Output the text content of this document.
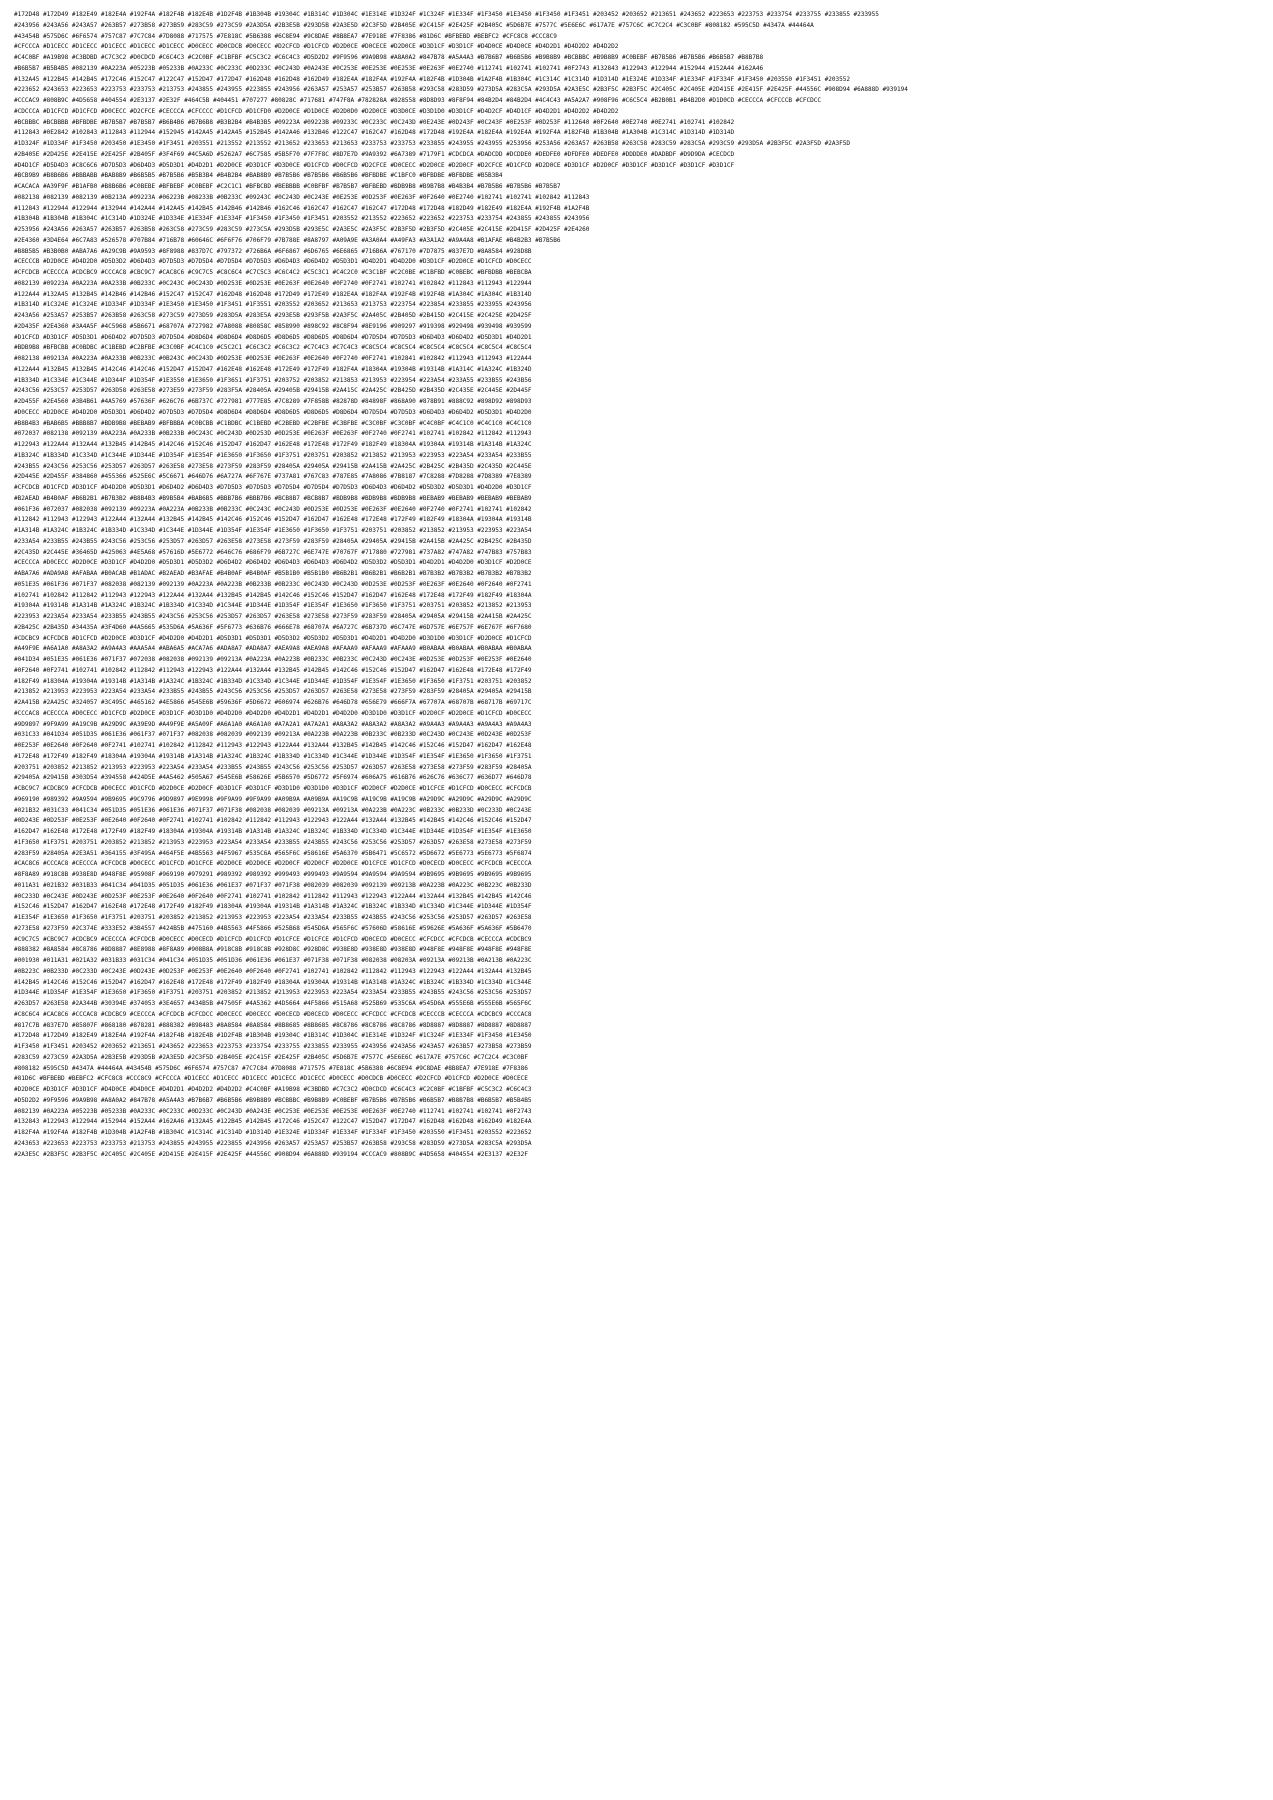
#172D48 #172D49 #182E49 #182E4A #192F4A #182F4B #182E4B #1D2F4B #1B304B #19304C #1B314C #1D304C #1E314E #1D324F #1C324F #1E334F #1F3450 #1E3450 #1F3450 #1F3451 #203452 #203652 #213651 #243652 #223653 #223753 #233754 #233755 #233855 #233955
#243956 #243A56 #243A57 #263B57 #273B58 #273B59 #283C59 #273C59 #2A3D5A #2B3E5B #293D5B #2A3E5D #2C3F5D #2B405E #2C415F #2E425F #2B405C #5D6B7E #7577C #5E6E6C #617A7E #757C6C #C7C2C4 #C3C0BF #808182 #595C5D #4347A #44464A
#43454B #575D6C #6F6574 #757C87 #7C7C84 #7D8088 #717575 #7E818C #5B6388 #6C8E94 #9C8DAE #8B8EA7 #7E918E #7F8386 #81D6C #BFBEBD #BEBFC2 #CFC8C8 #CCC8C9
#CFCCCA #D1CECC #D1CECC #D1CECC #D1CECC #D1CECC #D0CECC #D0CDCB #D0CECC #D2CFCD #D1CFCD #D2D0CE #D0CECE #D2D0CE #D3D1CF #D3D1CF #D4D0CE #D4D0CE #D4D2D1 #D4D2D2 #D4D2D2
#C4C0BF #A19B98 #C3BDBD #C7C3C2 #D0CDCD #C6C4C3 #C2C0BF #C1BFBF #C5C3C2 #C6C4C3 #D5D2D2 #9F9596 #9A9B98 #A8A0A2 #847B78 #A5A4A3 #B7B6B7 #B6B5B6 #B9B8B9 #BCBBBC #B9B8B9 #C0BEBF #B7B5B6 #B7B5B6 #B6B5B7 #B8B7B8
#B6B5B7 #B5B4B5 #082139 #0A223A #05223B #05233B #0A233C #0C233C #0D233C #0C243D #0A243E #0C253E #0E253E #0E253E #0E263F #0E2740 #112741 #102741 #102741 #0F2743 #132843 #122943 #122944 #152944 #152A44 #162A46
#132A45 #122B45 #142B45 #172C46 #152C47 #122C47 #152D47 #172D47 #162D48 #162D48 #162D49 #182E4A #182F4A #192F4A #182F4B #1D304B #1A2F4B #1B304C #1C314C #1C314D #1D314D #1E324E #1D334F #1E334F #1F334F #1F3450 #203550 #1F3451 #203552
#223652 #243653 #223653 #223753 #233753 #213753 #243855 #243955 #223855 #243956 #263A57 #253A57 #253B57 #263B58 #293C58 #283D59 #273D5A #283C5A #293D5A #2A3E5C #2B3F5C #2B3F5C #2C405C #2C405E #2D415E #2E415F #2E425F #44556C #908D94 #6A888D #939194
#CCCAC9 #808B9C #4D5658 #404554 #2E3137 #2E32F #464C5B #404451 #707277 #80828C #717681 #747F8A #782828A #828558 #8D8D93 #8F8F94 #84B2D4 #84B2D4 #4C4C43 #A5A2A7 #908F96 #C6C5C4 #B2B0B1 #B4B2D0 #D1D0CD #CECCCA #CFCCCB #CFCDCC
#CDCCCA #D1CFCD #D1CFCD #D0CECC #D2CFCE #CECCCA #CFCCCC #D1CFCD #D1CFD0 #D2D0CE #D1D0CE #D2D0D0 #D2D0CE #D3D0CE #D3D1D0 #D3D1CF #D4D2CF #D4D1CF #D4D2D1 #D4D2D2 #D4D2D2
#BCBBBC #BCBBBB #BFBDBE #B7B5B7 #B7B5B7 #B6B4B6 #B7B6B8 #B3B2B4 #B4B3B5 #09223A #09223B #09233C #0C233C #0C243D #0E243E #0D243F #0C243F #0E253F #0D253F #112640 #0F2640 #0E2740 #0E2741 #102741 #102842
#112843 #0E2842 #102843 #112843 #112944 #152945 #142A45 #142A45 #152B45 #142A46 #132B46 #122C47 #162C47 #162D48 #172D48 #192E4A #182E4A #192E4A #192F4A #182F4B #1B304B #1A304B #1C314C #1D314D #1D314D
#1D324F #1D334F #1F3450 #203450 #1E3450 #1F3451 #203551 #213552 #213552 #213652 #233653 #213653 #233753 #233753 #233855 #243955 #243955 #253956 #253A56 #263A57 #263B58 #263C58 #283C59 #283C5A #293C59 #293D5A #2B3F5C #2A3F5D #2A3F5D
#2B405E #2D425E #2E415E #2E425F #2B405F #3F4F69 #4C5A6D #5262A7 #6C7585 #5B5F70 #7F7F8C #8D7E7D #9A9392 #6A7389 #7179F1 #CDCDCA #DADCDD #DCDDE0 #DEDFE0 #DFDFE0 #DEDFE0 #DDDDE0 #DADBDF #D9D9DA #CECDCD
#D4D1CF #D5D4D3 #C8C6C6 #D7D5D3 #D6D4D3 #D5D3D1 #D4D2D1 #D2D0CE #D3D1CF #D3D0CE #D1CFCD #D0CFCD #D2CFCE #D0CECC #D2D0CE #D2D0CF #D2CFCE #D1CFCD #D2D0CE #D3D1CF #D2D0CF #D3D1CF #D3D1CF #D3D1CF #D3D1CF
#BCB9B9 #B8B6B6 #BBBABB #BAB8B9 #B6B5B5 #B7B5B6 #B5B3B4 #B4B2B4 #BAB8B9 #B7B5B6 #B7B5B6 #B6B5B6 #BFBDBE #C1BFC0 #BFBDBE #BFBDBE #B5B3B4
#CACACA #A39F9F #B1AFB0 #B8B6B6 #C0BEBE #BFBEBF #C0BEBF #C2C1C1 #BFBCBD #BEBBBB #C0BFBF #B7B5B7 #BFBEBD #BDB9B8 #B9B7B8 #B4B3B4 #B7B5B6 #B7B5B6 #B7B5B7
#082138 #082139 #082139 #0B213A #09223A #06223B #08233B #0B233C #09243C #0C243D #0C243E #0E253E #0D253F #0E263F #0F2640 #0E2740 #102741 #102741 #102842 #112843
#112843 #122944 #122944 #132944 #142A44 #142A45 #142B45 #142B46 #142B46 #162C46 #162C47 #162C47 #162C47 #172D48 #172D48 #182D49 #182E49 #182E4A #192F4B #1A2F4B
#1B304B #1B304B #1B304C #1C314D #1D324E #1D334E #1E334F #1E334F #1F3450 #1F3450 #1F3451 #203552 #213552 #223652 #223652 #223753 #233754 #243855 #243855 #243956
#253956 #243A56 #263A57 #263B57 #263B58 #263C58 #273C59 #283C59 #273C5A #293D5B #293E5C #2A3E5C #2A3F5C #2B3F5D #2B3F5D #2C405E #2C415E #2D415F #2D425F #2E4260
#2E4360 #3D4E64 #6C7A83 #526578 #707B84 #716B78 #60646C #6F6F76 #706F79 #7B788E #8A8797 #A09A9E #A3A0A4 #A49FA3 #A3A1A2 #A9A4A8 #B1AFAE #B4B2B3 #B7B5B6
#B8B5B5 #B3B0B0 #ABA7A6 #A29C9B #9A9593 #8F8988 #837D7C #797372 #726B6A #6F6867 #6D6765 #6E6865 #716B6A #767170 #7D7875 #837E7D #8A8584 #928D8B
#CECCCB #D2D0CE #D4D2D0 #D5D3D2 #D6D4D3 #D7D5D3 #D7D5D4 #D7D5D4 #D7D5D3 #D6D4D3 #D6D4D2 #D5D3D1 #D4D2D1 #D4D2D0 #D3D1CF #D2D0CE #D1CFCD #D0CECC
#CFCDCB #CECCCA #CDCBC9 #CCCAC8 #CBC9C7 #CAC8C6 #C9C7C5 #C8C6C4 #C7C5C3 #C6C4C2 #C5C3C1 #C4C2C0 #C3C1BF #C2C0BE #C1BFBD #C0BEBC #BFBDBB #BEBCBA
#082139 #09223A #0A223A #0A233B #0B233C #0C243C #0C243D #0D253E #0D253E #0E263F #0E2640 #0F2740 #0F2741 #102741 #102842 #112843 #112943 #122944
#122A44 #132A45 #132B45 #142B46 #142B46 #152C47 #152C47 #162D48 #162D48 #172D49 #172E49 #182E4A #182F4A #192F4B #192F4B #1A304C #1A304C #1B314D
#1B314D #1C324E #1C324E #1D334F #1D334F #1E3450 #1E3450 #1F3451 #1F3551 #203552 #203652 #213653 #213753 #223754 #223854 #233855 #233955 #243956
#243A56 #253A57 #253B57 #263B58 #263C58 #273C59 #273D59 #283D5A #283E5A #293E5B #293F5B #2A3F5C #2A405C #2B405D #2B415D #2C415E #2C425E #2D425F
#2D435F #2E4360 #3A4A5F #4C5968 #5B6671 #68707A #727982 #7A8088 #80858C #858990 #898C92 #8C8F94 #8E9196 #909297 #919398 #929498 #939498 #939599
#D1CFCD #D3D1CF #D5D3D1 #D6D4D2 #D7D5D3 #D7D5D4 #D8D6D4 #D8D6D4 #D8D6D5 #D8D6D5 #D8D6D5 #D8D6D4 #D7D5D4 #D7D5D3 #D6D4D3 #D6D4D2 #D5D3D1 #D4D2D1
#BDB9B8 #BFBCBB #C0BDBC #C1BEBD #C2BFBE #C3C0BF #C4C1C0 #C5C2C1 #C6C3C2 #C6C3C2 #C7C4C3 #C7C4C3 #C8C5C4 #C8C5C4 #C8C5C4 #C8C5C4 #C8C5C4 #C8C5C4
#082138 #09213A #0A223A #0A233B #0B233C #0B243C #0C243D #0D253E #0D253E #0E263F #0E2640 #0F2740 #0F2741 #102841 #102842 #112943 #112943 #122A44
#122A44 #132B45 #132B45 #142C46 #142C46 #152D47 #152D47 #162E48 #162E48 #172E49 #172F49 #182F4A #18304A #19304B #19314B #1A314C #1A324C #1B324D
#1B334D #1C334E #1C344E #1D344F #1D354F #1E3550 #1E3650 #1F3651 #1F3751 #203752 #203852 #213853 #213953 #223954 #223A54 #233A55 #233B55 #243B56
#243C56 #253C57 #253D57 #263D58 #263E58 #273E59 #273F59 #283F5A #28405A #29405B #29415B #2A415C #2A425C #2B425D #2B435D #2C435E #2C445E #2D445F
#2D455F #2E4560 #3B4B61 #4A5769 #57636F #626C76 #6B737C #727981 #777E85 #7C8289 #7F858B #82878D #84898F #868A90 #878B91 #888C92 #898D92 #898D93
#D0CECC #D2D0CE #D4D2D0 #D5D3D1 #D6D4D2 #D7D5D3 #D7D5D4 #D8D6D4 #D8D6D4 #D8D6D5 #D8D6D5 #D8D6D4 #D7D5D4 #D7D5D3 #D6D4D3 #D6D4D2 #D5D3D1 #D4D2D0
#B8B4B3 #BAB6B5 #BBB8B7 #BDB9B8 #BEBAB9 #BFBBBA #C0BCBB #C1BDBC #C1BEBD #C2BEBD #C2BFBE #C3BFBE #C3C0BF #C3C0BF #C4C0BF #C4C1C0 #C4C1C0 #C4C1C0
#072037 #082138 #092139 #0A223A #0A233B #0B233B #0C243C #0C243D #0D253D #0D253E #0E263F #0E263F #0F2740 #0F2741 #102741 #102842 #112842 #112943
#122943 #122A44 #132A44 #132B45 #142B45 #142C46 #152C46 #152D47 #162D47 #162E48 #172E48 #172F49 #182F49 #18304A #19304A #19314B #1A314B #1A324C
#1B324C #1B334D #1C334D #1C344E #1D344E #1D354F #1E354F #1E3650 #1F3650 #1F3751 #203751 #203852 #213852 #213953 #223953 #223A54 #233A54 #233B55
#243B55 #243C56 #253C56 #253D57 #263D57 #263E58 #273E58 #273F59 #283F59 #28405A #29405A #29415B #2A415B #2A425C #2B425C #2B435D #2C435D #2C445E
#2D445E #2D455F #384860 #455366 #525E6C #5C6671 #646D76 #6A727A #6F767E #737A81 #767C83 #787E85 #7A8086 #7B8187 #7C8288 #7D8288 #7D8389 #7E8389
#CFCDCB #D1CFCD #D3D1CF #D4D2D0 #D5D3D1 #D6D4D2 #D6D4D3 #D7D5D3 #D7D5D3 #D7D5D4 #D7D5D4 #D7D5D3 #D6D4D3 #D6D4D2 #D5D3D2 #D5D3D1 #D4D2D0 #D3D1CF
#B2AEAD #B4B0AF #B6B2B1 #B7B3B2 #B8B4B3 #B9B5B4 #BAB6B5 #BBB7B6 #BBB7B6 #BCB8B7 #BCB8B7 #BDB9B8 #BDB9B8 #BDB9B8 #BEBAB9 #BEBAB9 #BEBAB9 #BEBAB9
#061F36 #072037 #082038 #092139 #09223A #0A223A #0B233B #0B233C #0C243C #0C243D #0D253E #0D253E #0E263F #0E2640 #0F2740 #0F2741 #102741 #102842
#112842 #112943 #122943 #122A44 #132A44 #132B45 #142B45 #142C46 #152C46 #152D47 #162D47 #162E48 #172E48 #172F49 #182F49 #18304A #19304A #19314B
#1A314B #1A324C #1B324C #1B334D #1C334D #1C344E #1D344E #1D354F #1E354F #1E3650 #1F3650 #1F3751 #203751 #203852 #213852 #213953 #223953 #223A54
#233A54 #233B55 #243B55 #243C56 #253C56 #253D57 #263D57 #263E58 #273E58 #273F59 #283F59 #28405A #29405A #29415B #2A415B #2A425C #2B425C #2B435D
#2C435D #2C445E #36465D #425063 #4E5A68 #57616D #5E6772 #646C76 #686F79 #6B727C #6E747E #70767F #717880 #727981 #737A82 #747A82 #747B83 #757B83
#CECCCA #D0CECC #D2D0CE #D3D1CF #D4D2D0 #D5D3D1 #D5D3D2 #D6D4D2 #D6D4D2 #D6D4D3 #D6D4D3 #D6D4D2 #D5D3D2 #D5D3D1 #D4D2D1 #D4D2D0 #D3D1CF #D2D0CE
#ABA7A6 #ADA9A8 #AFABAA #B0ACAB #B1ADAC #B2AEAD #B3AFAE #B4B0AF #B4B0AF #B5B1B0 #B5B1B0 #B6B2B1 #B6B2B1 #B6B2B1 #B7B3B2 #B7B3B2 #B7B3B2 #B7B3B2
#051E35 #061F36 #071F37 #082038 #082139 #092139 #0A223A #0A223B #0B233B #0B233C #0C243D #0C243D #0D253E #0D253F #0E263F #0E2640 #0F2640 #0F2741
#102741 #102842 #112842 #112943 #122943 #122A44 #132A44 #132B45 #142B45 #142C46 #152C46 #152D47 #162D47 #162E48 #172E48 #172F49 #182F49 #18304A
#19304A #19314B #1A314B #1A324C #1B324C #1B334D #1C334D #1C344E #1D344E #1D354F #1E354F #1E3650 #1F3650 #1F3751 #203751 #203852 #213852 #213953
#223953 #223A54 #233A54 #233B55 #243B55 #243C56 #253C56 #253D57 #263D57 #263E58 #273E58 #273F59 #283F59 #28405A #29405A #29415B #2A415B #2A425C
#2B425C #2B435D #34435A #3F4D60 #4A5665 #535D6A #5A636F #5F6773 #636B76 #666E78 #68707A #6A727C #6B737D #6C747E #6D757E #6E757F #6E767F #6F7680
#CDCBC9 #CFCDCB #D1CFCD #D2D0CE #D3D1CF #D4D2D0 #D4D2D1 #D5D3D1 #D5D3D1 #D5D3D2 #D5D3D2 #D5D3D1 #D4D2D1 #D4D2D0 #D3D1D0 #D3D1CF #D2D0CE #D1CFCD
#A49F9E #A6A1A0 #A8A3A2 #A9A4A3 #AAA5A4 #ABA6A5 #ACA7A6 #ADA8A7 #ADA8A7 #AEA9A8 #AEA9A8 #AFAAA9 #AFAAA9 #AFAAA9 #B0ABAA #B0ABAA #B0ABAA #B0ABAA
#041D34 #051E35 #061E36 #071F37 #072038 #082038 #092139 #09213A #0A223A #0A223B #0B233C #0B233C #0C243D #0C243E #0D253E #0D253F #0E253F #0E2640
#0F2640 #0F2741 #102741 #102842 #112842 #112943 #122943 #122A44 #132A44 #132B45 #142B45 #142C46 #152C46 #152D47 #162D47 #162E48 #172E48 #172F49
#182F49 #18304A #19304A #19314B #1A314B #1A324C #1B324C #1B334D #1C334D #1C344E #1D344E #1D354F #1E354F #1E3650 #1F3650 #1F3751 #203751 #203852
#213852 #213953 #223953 #223A54 #233A54 #233B55 #243B55 #243C56 #253C56 #253D57 #263D57 #263E58 #273E58 #273F59 #283F59 #28405A #29405A #29415B
#2A415B #2A425C #324057 #3C495C #465162 #4E5866 #545E6B #59636F #5D6672 #606974 #626B76 #646D78 #656E79 #666F7A #67707A #68707B #68717B #69717C
#CCCAC8 #CECCCA #D0CECC #D1CFCD #D2D0CE #D3D1CF #D3D1D0 #D4D2D0 #D4D2D0 #D4D2D1 #D4D2D1 #D4D2D0 #D3D1D0 #D3D1CF #D2D0CF #D2D0CE #D1CFCD #D0CECC
#9D9897 #9F9A99 #A19C9B #A29D9C #A39E9D #A49F9E #A5A09F #A6A1A0 #A6A1A0 #A7A2A1 #A7A2A1 #A8A3A2 #A8A3A2 #A8A3A2 #A9A4A3 #A9A4A3 #A9A4A3 #A9A4A3
#031C33 #041D34 #051D35 #061E36 #061F37 #071F37 #082038 #082039 #092139 #09213A #0A223B #0A223B #0B233C #0B233D #0C243D #0C243E #0D243E #0D253F
#0E253F #0E2640 #0F2640 #0F2741 #102741 #102842 #112842 #112943 #122943 #122A44 #132A44 #132B45 #142B45 #142C46 #152C46 #152D47 #162D47 #162E48
#172E48 #172F49 #182F49 #18304A #19304A #19314B #1A314B #1A324C #1B324C #1B334D #1C334D #1C344E #1D344E #1D354F #1E354F #1E3650 #1F3650 #1F3751
#203751 #203852 #213852 #213953 #223953 #223A54 #233A54 #233B55 #243B55 #243C56 #253C56 #253D57 #263D57 #263E58 #273E58 #273F59 #283F59 #28405A
#29405A #29415B #303D54 #394558 #424D5E #4A5462 #505A67 #545E6B #58626E #5B6570 #5D6772 #5F6974 #606A75 #616B76 #626C76 #636C77 #636D77 #646D78
#CBC9C7 #CDCBC9 #CFCDCB #D0CECC #D1CFCD #D2D0CE #D2D0CF #D3D1CF #D3D1CF #D3D1D0 #D3D1D0 #D3D1CF #D2D0CF #D2D0CE #D1CFCE #D1CFCD #D0CECC #CFCDCB
#969190 #989392 #9A9594 #9B9695 #9C9796 #9D9897 #9E9998 #9F9A99 #9F9A99 #A09B9A #A09B9A #A19C9B #A19C9B #A19C9B #A29D9C #A29D9C #A29D9C #A29D9C
#021B32 #031C33 #041C34 #051D35 #051E36 #061E36 #071F37 #071F38 #082038 #082039 #09213A #09213A #0A223B #0A223C #0B233C #0B233D #0C233D #0C243E
#0D243E #0D253F #0E253F #0E2640 #0F2640 #0F2741 #102741 #102842 #112842 #112943 #122943 #122A44 #132A44 #132B45 #142B45 #142C46 #152C46 #152D47
#162D47 #162E48 #172E48 #172F49 #182F49 #18304A #19304A #19314B #1A314B #1A324C #1B324C #1B334D #1C334D #1C344E #1D344E #1D354F #1E354F #1E3650
#1F3650 #1F3751 #203751 #203852 #213852 #213953 #223953 #223A54 #233A54 #233B55 #243B55 #243C56 #253C56 #253D57 #263D57 #263E58 #273E58 #273F59
#283F59 #28405A #2E3A51 #364155 #3F495A #464F5E #4B5563 #4F5967 #535C6A #565F6C #58616E #5A6370 #5B6471 #5C6572 #5D6672 #5E6773 #5E6773 #5F6874
#CAC8C6 #CCCAC8 #CECCCA #CFCDCB #D0CECC #D1CFCD #D1CFCE #D2D0CE #D2D0CE #D2D0CF #D2D0CF #D2D0CE #D1CFCE #D1CFCD #D0CECD #D0CECC #CFCDCB #CECCCA
#8F8A89 #918C8B #938E8D #948F8E #95908F #969190 #979291 #989392 #989392 #999493 #999493 #9A9594 #9A9594 #9A9594 #9B9695 #9B9695 #9B9695 #9B9695
#011A31 #021B32 #031B33 #041C34 #041D35 #051D35 #061E36 #061E37 #071F37 #071F38 #082039 #082039 #092139 #09213B #0A223B #0A223C #0B223C #0B233D
#0C233D #0C243E #0D243E #0D253F #0E253F #0E2640 #0F2640 #0F2741 #102741 #102842 #112842 #112943 #122943 #122A44 #132A44 #132B45 #142B45 #142C46
#152C46 #152D47 #162D47 #162E48 #172E48 #172F49 #182F49 #18304A #19304A #19314B #1A314B #1A324C #1B324C #1B334D #1C334D #1C344E #1D344E #1D354F
#1E354F #1E3650 #1F3650 #1F3751 #203751 #203852 #213852 #213953 #223953 #223A54 #233A54 #233B55 #243B55 #243C56 #253C56 #253D57 #263D57 #263E58
#273E58 #273F59 #2C374E #333E52 #3B4557 #424B5B #475160 #4B5563 #4F5866 #525B68 #545D6A #565F6C #57606D #58616E #59626E #5A636F #5A636F #5B6470
#C9C7C5 #CBC9C7 #CDCBC9 #CECCCA #CFCDCB #D0CECC #D0CECD #D1CFCD #D1CFCD #D1CFCE #D1CFCE #D1CFCD #D0CECD #D0CECC #CFCDCC #CFCDCB #CECCCA #CDCBC9
#888382 #8A8584 #8C8786 #8D8887 #8E8988 #8F8A89 #908B8A #918C8B #918C8B #928D8C #928D8C #938E8D #938E8D #938E8D #948F8E #948F8E #948F8E #948F8E
#001930 #011A31 #021A32 #031B33 #031C34 #041C34 #051D35 #051D36 #061E36 #061E37 #071F38 #071F38 #082038 #08203A #09213A #09213B #0A213B #0A223C
#0B223C #0B233D #0C233D #0C243E #0D243E #0D253F #0E253F #0E2640 #0F2640 #0F2741 #102741 #102842 #112842 #112943 #122943 #122A44 #132A44 #132B45
#142B45 #142C46 #152C46 #152D47 #162D47 #162E48 #172E48 #172F49 #182F49 #18304A #19304A #19314B #1A314B #1A324C #1B324C #1B334D #1C334D #1C344E
#1D344E #1D354F #1E354F #1E3650 #1F3650 #1F3751 #203751 #203852 #213852 #213953 #223953 #223A54 #233A54 #233B55 #243B55 #243C56 #253C56 #253D57
#263D57 #263E58 #2A344B #30394E #374053 #3E4657 #434B5B #47505F #4A5362 #4D5664 #4F5866 #515A68 #525B69 #535C6A #545D6A #555E6B #555E6B #565F6C
#C8C6C4 #CAC8C6 #CCCAC8 #CDCBC9 #CECCCA #CFCDCB #CFCDCC #D0CECC #D0CECC #D0CECD #D0CECD #D0CECC #CFCDCC #CFCDCB #CECCCB #CECCCA #CDCBC9 #CCCAC8
#817C7B #837E7D #85807F #868180 #878281 #888382 #898483 #8A8584 #8A8584 #8B8685 #8B8685 #8C8786 #8C8786 #8C8786 #8D8887 #8D8887 #8D8887 #8D8887
#172D48 #172D49 #182E49 #182E4A #192F4A #182F4B #182E4B #1D2F4B #1B304B #19304C #1B314C #1D304C #1E314E #1D324F #1C324F #1E334F #1F3450 #1E3450
#1F3450 #1F3451 #203452 #203652 #213651 #243652 #223653 #223753 #233754 #233755 #233855 #233955 #243956 #243A56 #243A57 #263B57 #273B58 #273B59
#283C59 #273C59 #2A3D5A #2B3E5B #293D5B #2A3E5D #2C3F5D #2B405E #2C415F #2E425F #2B405C #5D6B7E #7577C #5E6E6C #617A7E #757C6C #C7C2C4 #C3C0BF
#808182 #595C5D #4347A #44464A #43454B #575D6C #6F6574 #757C87 #7C7C84 #7D8088 #717575 #7E818C #5B6388 #6C8E94 #9C8DAE #8B8EA7 #7E918E #7F8386
#81D6C #BFBEBD #BEBFC2 #CFC8C8 #CCC8C9 #CFCCCA #D1CECC #D1CECC #D1CECC #D1CECC #D1CECC #D0CECC #D0CDCB #D0CECC #D2CFCD #D1CFCD #D2D0CE #D0CECE
#D2D0CE #D3D1CF #D3D1CF #D4D0CE #D4D0CE #D4D2D1 #D4D2D2 #D4D2D2 #C4C0BF #A19B98 #C3BDBD #C7C3C2 #D0CDCD #C6C4C3 #C2C0BF #C1BFBF #C5C3C2 #C6C4C3
#D5D2D2 #9F9596 #9A9B98 #A8A0A2 #847B78 #A5A4A3 #B7B6B7 #B6B5B6 #B9B8B9 #BCBBBC #B9B8B9 #C0BEBF #B7B5B6 #B7B5B6 #B6B5B7 #B8B7B8 #B6B5B7 #B5B4B5
#082139 #0A223A #05223B #05233B #0A233C #0C233C #0D233C #0C243D #0A243E #0C253E #0E253E #0E253E #0E263F #0E2740 #112741 #102741 #102741 #0F2743
#132843 #122943 #122944 #152944 #152A44 #162A46 #132A45 #122B45 #142B45 #172C46 #152C47 #122C47 #152D47 #172D47 #162D48 #162D48 #162D49 #182E4A
#182F4A #192F4A #182F4B #1D304B #1A2F4B #1B304C #1C314C #1C314D #1D314D #1E324E #1D334F #1E334F #1F334F #1F3450 #203550 #1F3451 #203552 #223652
#243653 #223653 #223753 #233753 #213753 #243855 #243955 #223855 #243956 #263A57 #253A57 #253B57 #263B58 #293C58 #283D59 #273D5A #283C5A #293D5A
#2A3E5C #2B3F5C #2B3F5C #2C405C #2C405E #2D415E #2E415F #2E425F #44556C #908D94 #6A888D #939194 #CCCAC9 #808B9C #4D5658 #404554 #2E3137 #2E32F
